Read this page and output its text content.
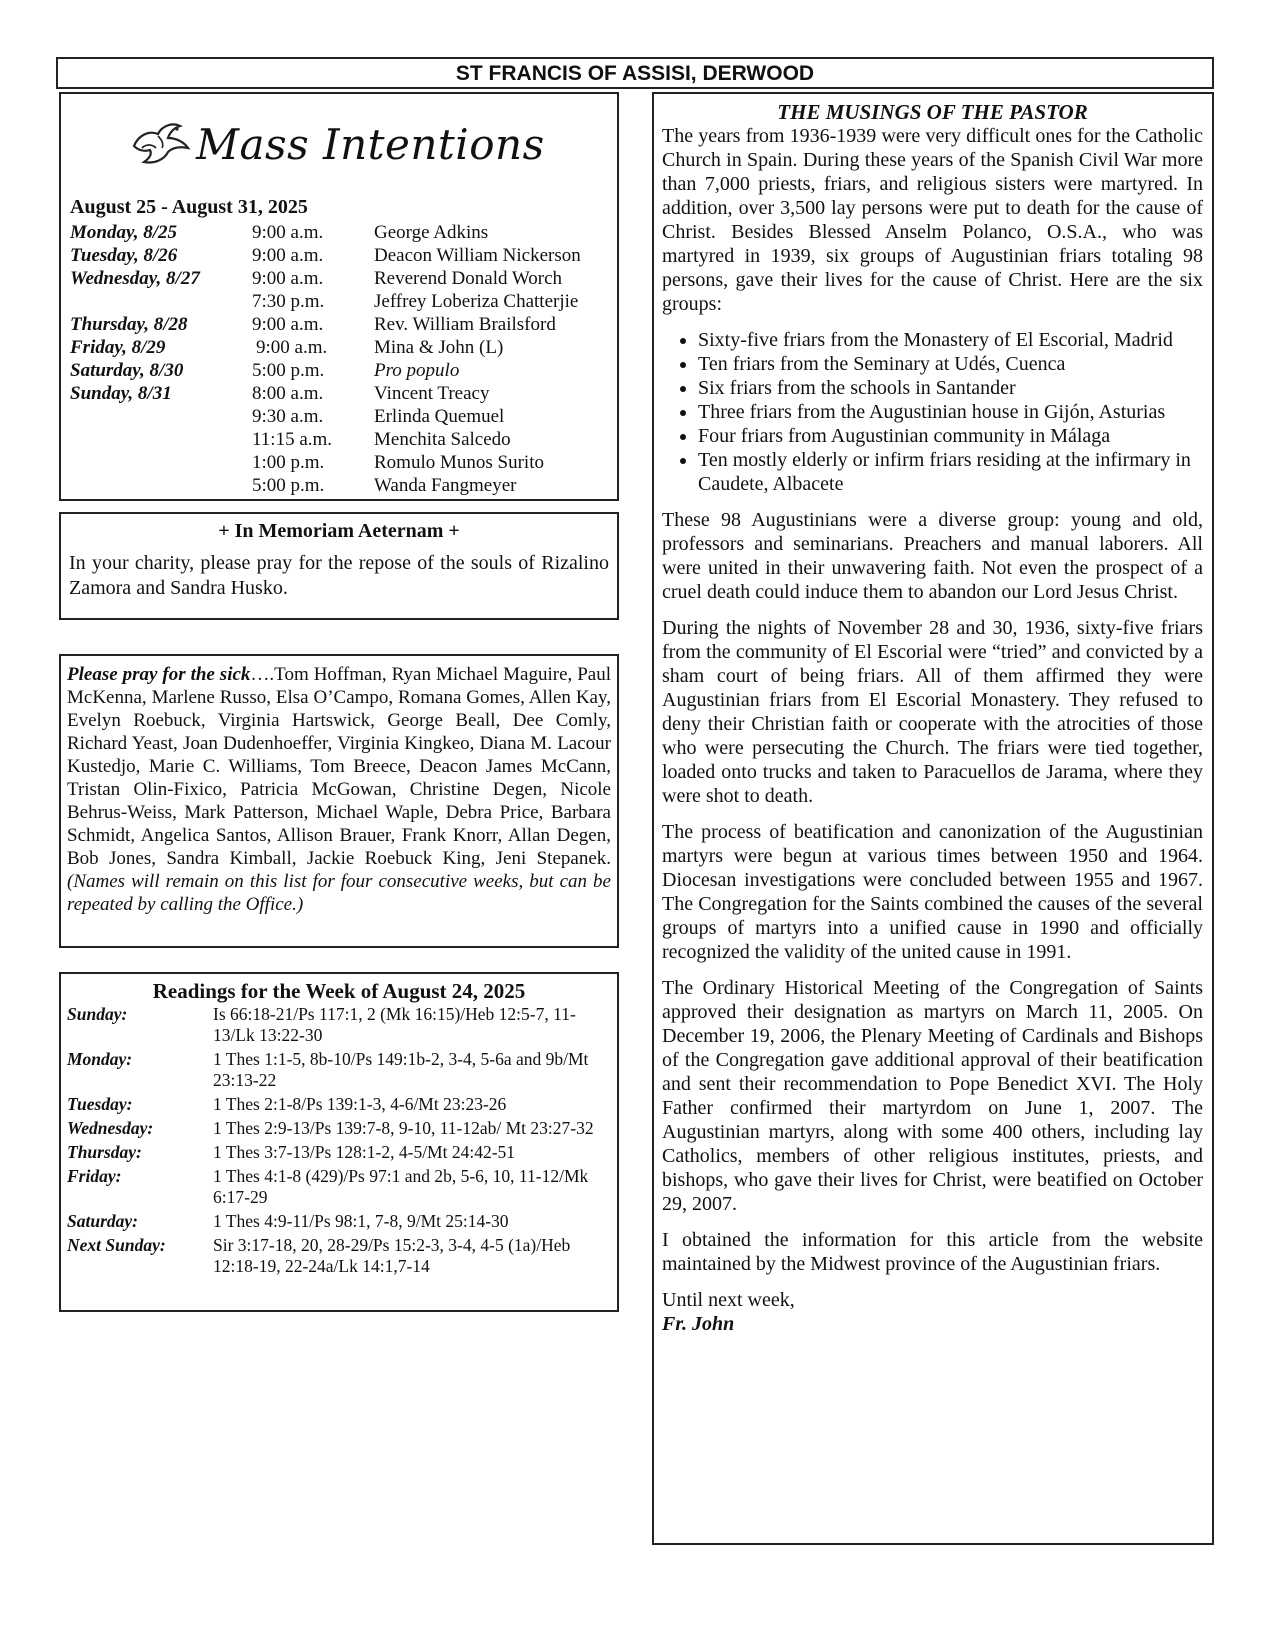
ST FRANCIS OF ASSISI, DERWOOD
Mass Intentions
August 25 - August 31, 2025
Monday, 8/25	9:00 a.m.	George Adkins
Tuesday, 8/26	9:00 a.m.	Deacon William Nickerson
Wednesday, 8/27	9:00 a.m.	Reverend Donald Worch
	7:30 p.m.	Jeffrey Loberiza Chatterjie
Thursday, 8/28	9:00 a.m.	Rev. William Brailsford
Friday, 8/29	9:00 a.m.	Mina & John (L)
Saturday, 8/30	5:00 p.m.	Pro populo
Sunday, 8/31	8:00 a.m.	Vincent Treacy
	9:30 a.m.	Erlinda Quemuel
	11:15 a.m.	Menchita Salcedo
	1:00 p.m.	Romulo Munos Surito
	5:00 p.m.	Wanda Fangmeyer
+ In Memoriam Aeternam +
In your charity, please pray for the repose of the souls of Rizalino Zamora and Sandra Husko.
Please pray for the sick….Tom Hoffman, Ryan Michael Maguire, Paul McKenna, Marlene Russo, Elsa O’Campo, Romana Gomes, Allen Kay, Evelyn Roebuck, Virginia Hartswick, George Beall, Dee Comly, Richard Yeast, Joan Dudenhoeffer, Virginia Kingkeo, Diana M. Lacour Kustedjo, Marie C. Williams, Tom Breece, Deacon James McCann, Tristan Olin-Fixico, Patricia McGowan, Christine Degen, Nicole Behrus-Weiss, Mark Patterson, Michael Waple, Debra Price, Barbara Schmidt, Angelica Santos, Allison Brauer, Frank Knorr, Allan Degen, Bob Jones, Sandra Kimball, Jackie Roebuck King, Jeni Stepanek. (Names will remain on this list for four consecutive weeks, but can be repeated by calling the Office.)
Readings for the Week of August 24, 2025
Sunday:	Is 66:18-21/Ps 117:1, 2 (Mk 16:15)/Heb 12:5-7, 11-13/Lk 13:22-30
Monday:	1 Thes 1:1-5, 8b-10/Ps 149:1b-2, 3-4, 5-6a and 9b/Mt 23:13-22
Tuesday:	1 Thes 2:1-8/Ps 139:1-3, 4-6/Mt 23:23-26
Wednesday:	1 Thes 2:9-13/Ps 139:7-8, 9-10, 11-12ab/ Mt 23:27-32
Thursday:	1 Thes 3:7-13/Ps 128:1-2, 4-5/Mt 24:42-51
Friday:	1 Thes 4:1-8 (429)/Ps 97:1 and 2b, 5-6, 10, 11-12/Mk 6:17-29
Saturday:	1 Thes 4:9-11/Ps 98:1, 7-8, 9/Mt 25:14-30
Next Sunday:	Sir 3:17-18, 20, 28-29/Ps 15:2-3, 3-4, 4-5 (1a)/Heb 12:18-19, 22-24a/Lk 14:1,7-14
THE MUSINGS OF THE PASTOR

The years from 1936-1939 were very difficult ones for the Catholic Church in Spain. During these years of the Spanish Civil War more than 7,000 priests, friars, and religious sisters were martyred. In addition, over 3,500 lay persons were put to death for the cause of Christ. Besides Blessed Anselm Polanco, O.S.A., who was martyred in 1939, six groups of Augustinian friars totaling 98 persons, gave their lives for the cause of Christ. Here are the six groups:

• Sixty-five friars from the Monastery of El Escorial, Madrid
• Ten friars from the Seminary at Udés, Cuenca
• Six friars from the schools in Santander
• Three friars from the Augustinian house in Gijón, Asturias
• Four friars from Augustinian community in Málaga
• Ten mostly elderly or infirm friars residing at the infirmary in Caudete, Albacete

These 98 Augustinians were a diverse group: young and old, professors and seminarians. Preachers and manual laborers. All were united in their unwavering faith. Not even the prospect of a cruel death could induce them to abandon our Lord Jesus Christ.

During the nights of November 28 and 30, 1936, sixty-five friars from the community of El Escorial were “tried” and convicted by a sham court of being friars. All of them affirmed they were Augustinian friars from El Escorial Monastery. They refused to deny their Christian faith or cooperate with the atrocities of those who were persecuting the Church. The friars were tied together, loaded onto trucks and taken to Paracuellos de Jarama, where they were shot to death.

The process of beatification and canonization of the Augustinian martyrs were begun at various times between 1950 and 1964. Diocesan investigations were concluded between 1955 and 1967. The Congregation for the Saints combined the causes of the several groups of martyrs into a unified cause in 1990 and officially recognized the validity of the united cause in 1991.

The Ordinary Historical Meeting of the Congregation of Saints approved their designation as martyrs on March 11, 2005. On December 19, 2006, the Plenary Meeting of Cardinals and Bishops of the Congregation gave additional approval of their beatification and sent their recommendation to Pope Benedict XVI. The Holy Father confirmed their martyrdom on June 1, 2007. The Augustinian martyrs, along with some 400 others, including lay Catholics, members of other religious institutes, priests, and bishops, who gave their lives for Christ, were beatified on October 29, 2007.

I obtained the information for this article from the website maintained by the Midwest province of the Augustinian friars.

Until next week,

Fr. John
